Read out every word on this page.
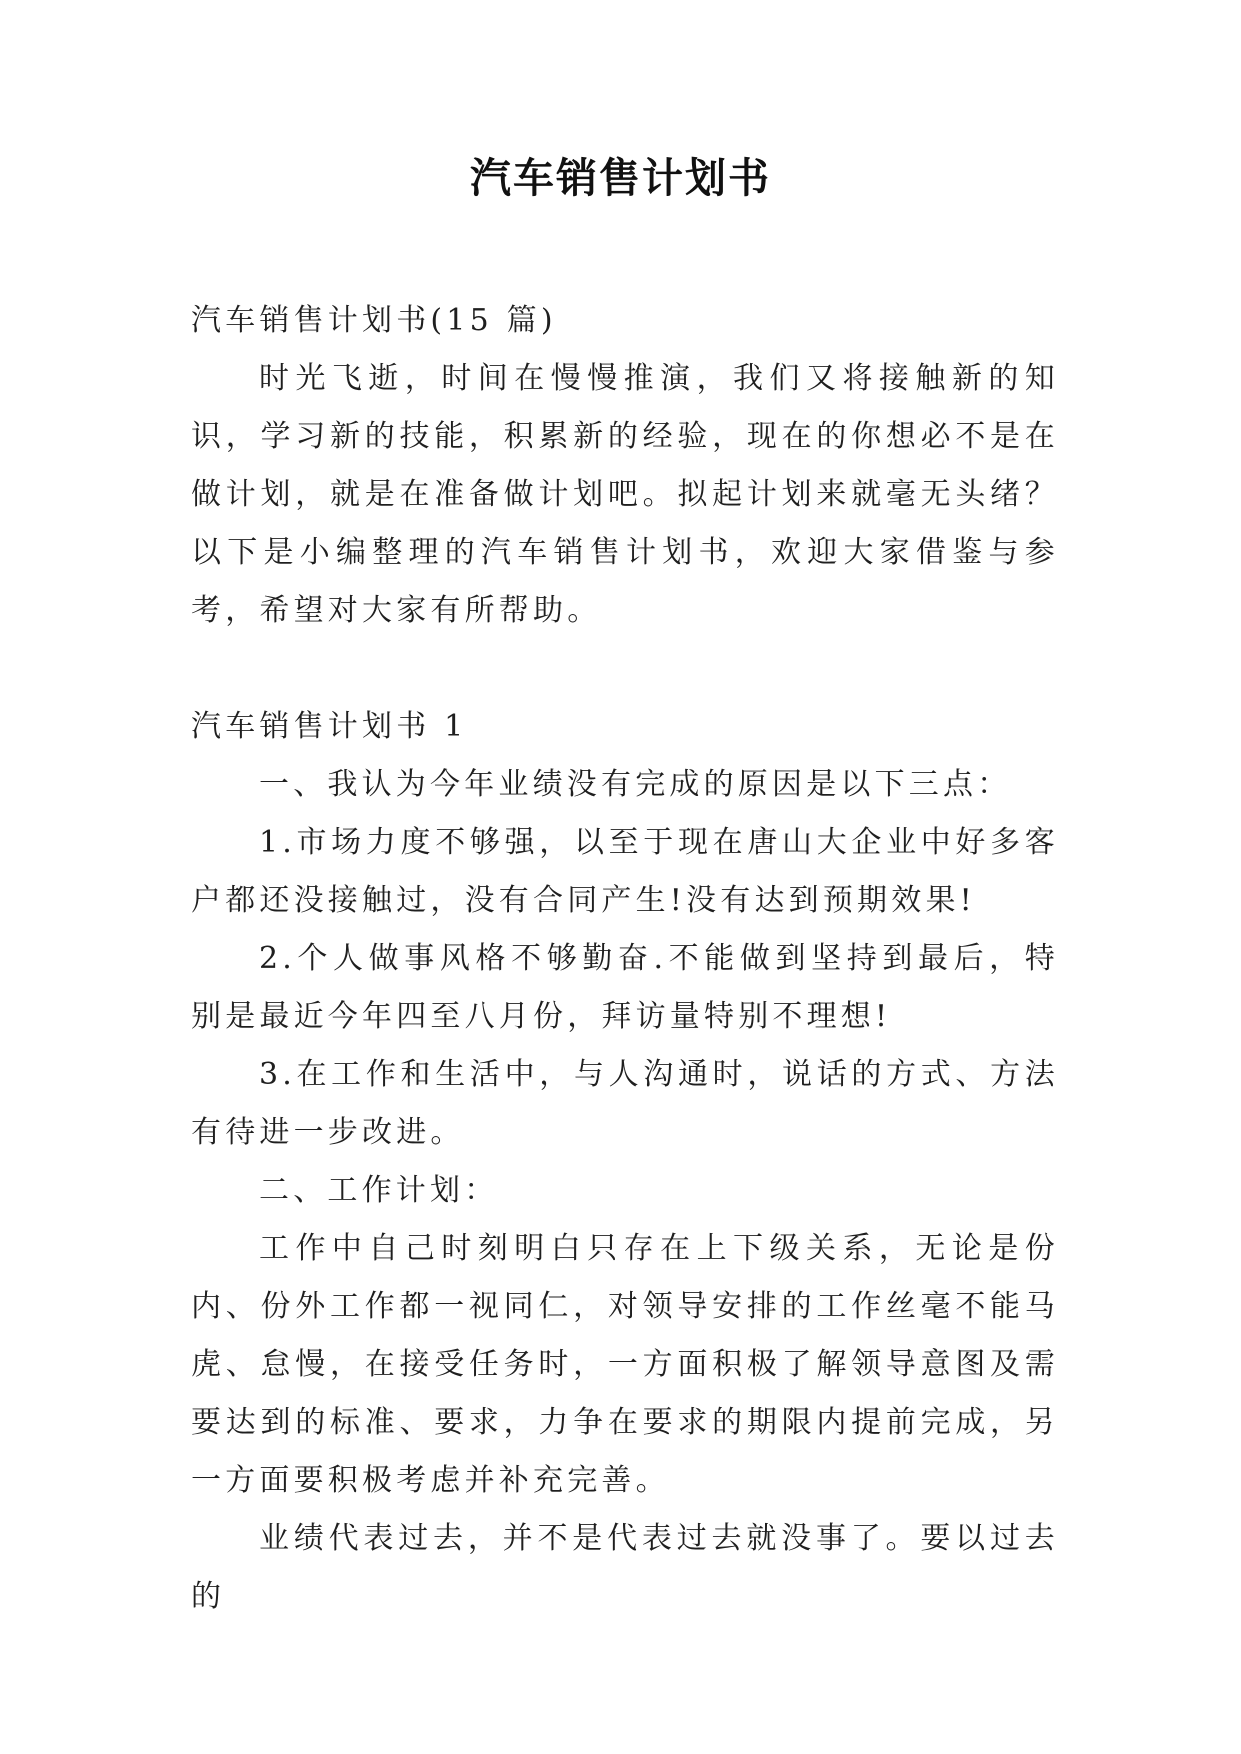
汽车销售计划书

汽车销售计划书(15 篇)

时光飞逝，时间在慢慢推演，我们又将接触新的知识，学习新的技能，积累新的经验，现在的你想必不是在做计划，就是在准备做计划吧。拟起计划来就毫无头绪？以下是小编整理的汽车销售计划书，欢迎大家借鉴与参考，希望对大家有所帮助。

汽车销售计划书 1

一、我认为今年业绩没有完成的原因是以下三点：

1.市场力度不够强，以至于现在唐山大企业中好多客户都还没接触过，没有合同产生!没有达到预期效果!

2.个人做事风格不够勤奋.不能做到坚持到最后，特别是最近今年四至八月份，拜访量特别不理想!

3.在工作和生活中，与人沟通时，说话的方式、方法有待进一步改进。

二、工作计划：

工作中自己时刻明白只存在上下级关系，无论是份内、份外工作都一视同仁，对领导安排的工作丝毫不能马虎、怠慢，在接受任务时，一方面积极了解领导意图及需要达到的标准、要求，力争在要求的期限内提前完成，另一方面要积极考虑并补充完善。

业绩代表过去，并不是代表过去就没事了。要以过去的
